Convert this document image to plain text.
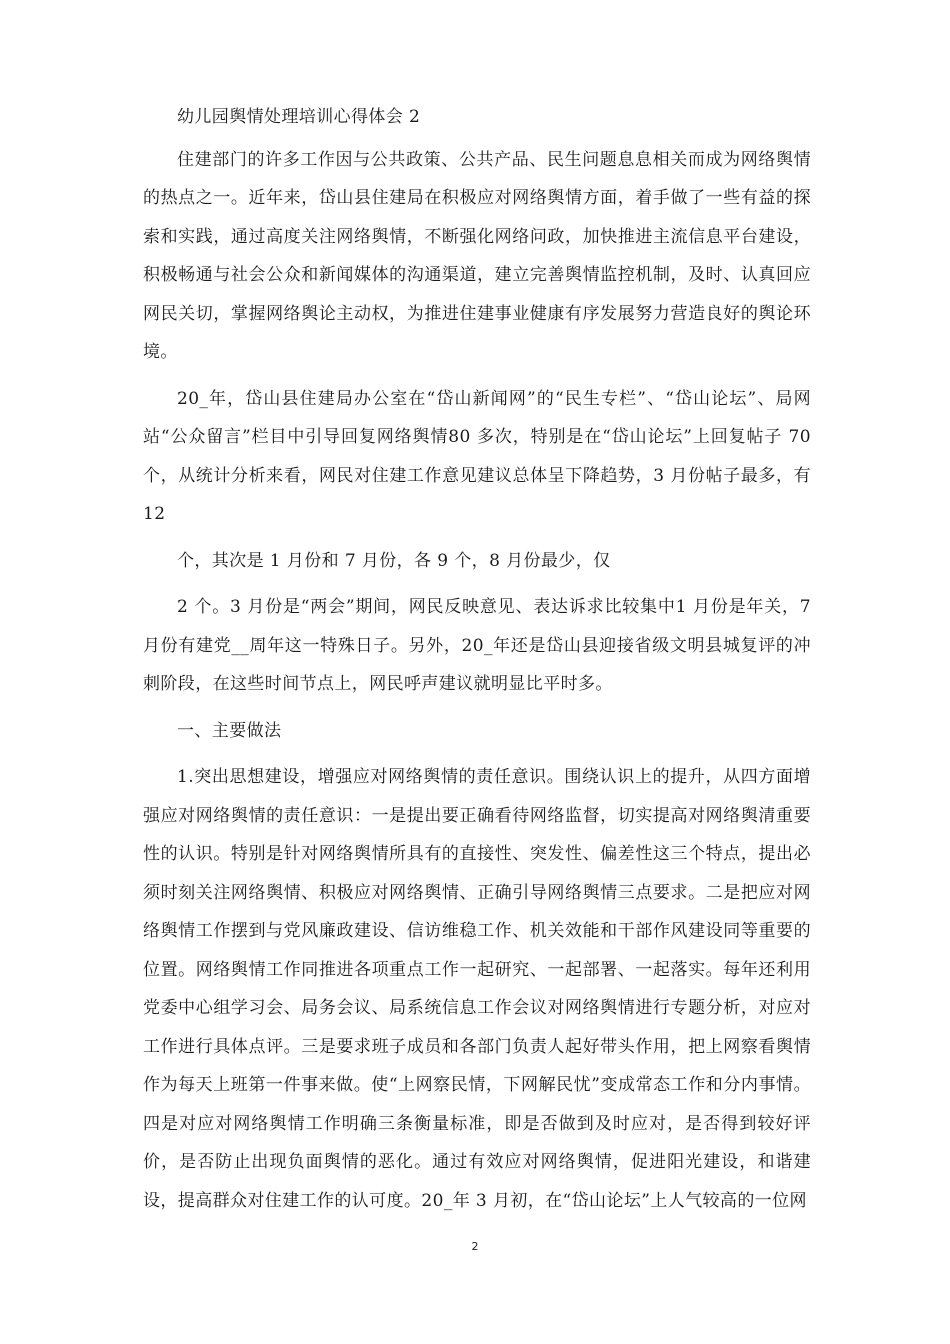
幼儿园舆情处理培训心得体会 2

住建部门的许多工作因与公共政策、公共产品、民生问题息息相关而成为网络舆情的热点之一。近年来，岱山县住建局在积极应对网络舆情方面，着手做了一些有益的探索和实践，通过高度关注网络舆情，不断强化网络问政，加快推进主流信息平台建设，积极畅通与社会公众和新闻媒体的沟通渠道，建立完善舆情监控机制，及时、认真回应网民关切，掌握网络舆论主动权，为推进住建事业健康有序发展努力营造良好的舆论环境。

20_年，岱山县住建局办公室在“岱山新闻网”的“民生专栏”、“岱山论坛”、局网站“公众留言”栏目中引导回复网络舆情80 多次，特别是在“岱山论坛”上回复帖子 70 个，从统计分析来看，网民对住建工作意见建议总体呈下降趋势，3 月份帖子最多，有 12

个，其次是 1 月份和 7 月份，各 9 个，8 月份最少，仅

2 个。3 月份是“两会”期间，网民反映意见、表达诉求比较集中1 月份是年关，7 月份有建党__周年这一特殊日子。另外，20_年还是岱山县迎接省级文明县城复评的冲刺阶段，在这些时间节点上，网民呼声建议就明显比平时多。

一、主要做法

1.突出思想建设，增强应对网络舆情的责任意识。围绕认识上的提升，从四方面增强应对网络舆情的责任意识：一是提出要正确看待网络监督，切实提高对网络舆清重要性的认识。特别是针对网络舆情所具有的直接性、突发性、偏差性这三个特点，提出必须时刻关注网络舆情、积极应对网络舆情、正确引导网络舆情三点要求。二是把应对网络舆情工作摆到与党风廉政建设、信访维稳工作、机关效能和干部作风建设同等重要的位置。网络舆情工作同推进各项重点工作一起研究、一起部署、一起落实。每年还利用党委中心组学习会、局务会议、局系统信息工作会议对网络舆情进行专题分析，对应对工作进行具体点评。三是要求班子成员和各部门负责人起好带头作用，把上网察看舆情作为每天上班第一件事来做。使“上网察民情，下网解民忧”变成常态工作和分内事情。四是对应对网络舆情工作明确三条衡量标准，即是否做到及时应对，是否得到较好评价，是否防止出现负面舆情的恶化。通过有效应对网络舆情，促进阳光建设，和谐建设，提高群众对住建工作的认可度。20_年 3 月初，在“岱山论坛”上人气较高的一位网

2
